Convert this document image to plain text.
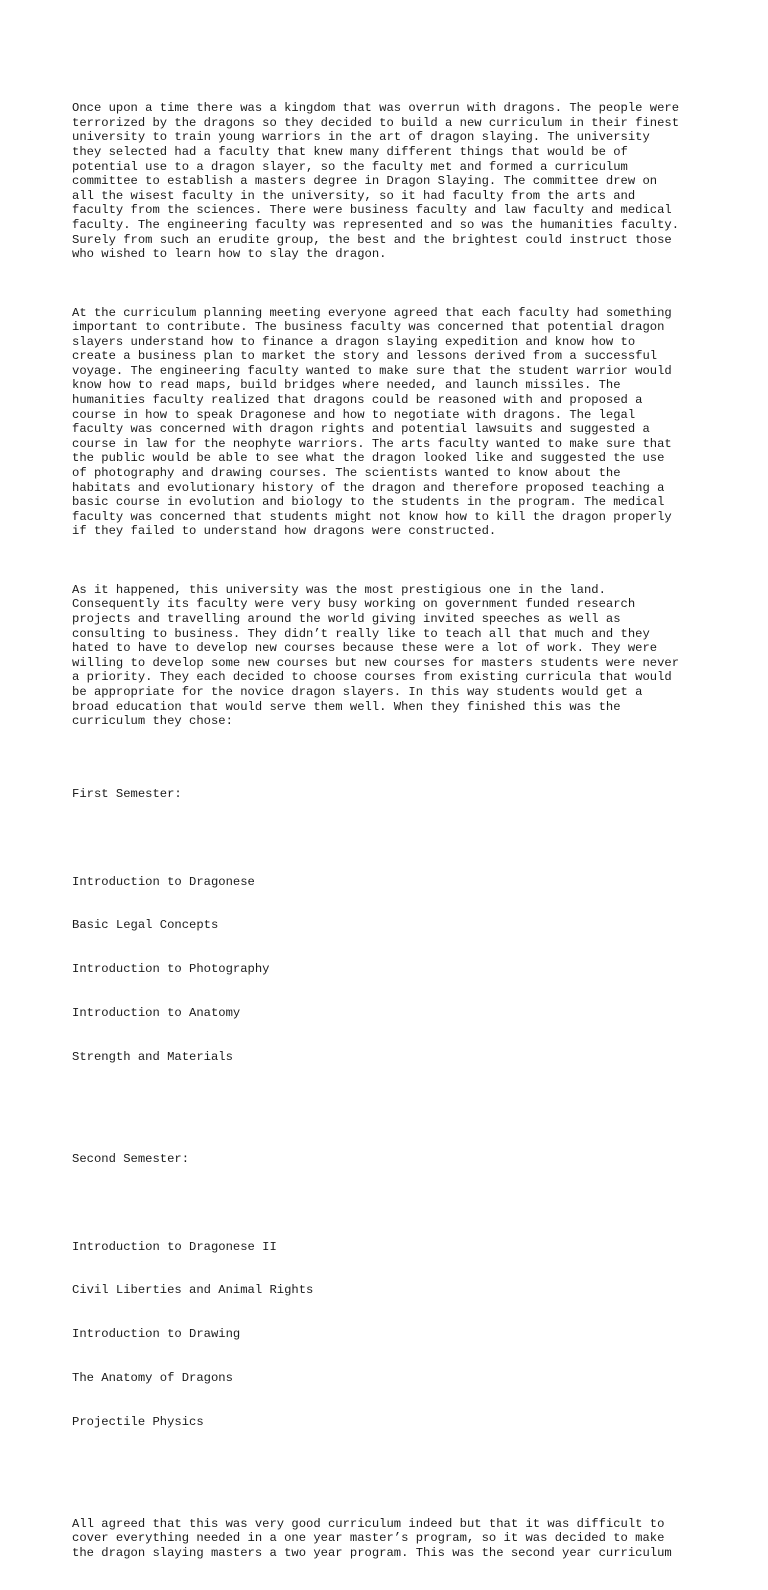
Once upon a time there was a kingdom that was overrun with dragons. The people were
terrorized by the dragons so they decided to build a new curriculum in their finest
university to train young warriors in the art of dragon slaying. The university
they selected had a faculty that knew many different things that would be of
potential use to a dragon slayer, so the faculty met and formed a curriculum
committee to establish a masters degree in Dragon Slaying. The committee drew on
all the wisest faculty in the university, so it had faculty from the arts and
faculty from the sciences. There were business faculty and law faculty and medical
faculty. The engineering faculty was represented and so was the humanities faculty.
Surely from such an erudite group, the best and the brightest could instruct those
who wished to learn how to slay the dragon.

At the curriculum planning meeting everyone agreed that each faculty had something
important to contribute. The business faculty was concerned that potential dragon
slayers understand how to finance a dragon slaying expedition and know how to
create a business plan to market the story and lessons derived from a successful
voyage. The engineering faculty wanted to make sure that the student warrior would
know how to read maps, build bridges where needed, and launch missiles. The
humanities faculty realized that dragons could be reasoned with and proposed a
course in how to speak Dragonese and how to negotiate with dragons. The legal
faculty was concerned with dragon rights and potential lawsuits and suggested a
course in law for the neophyte warriors. The arts faculty wanted to make sure that
the public would be able to see what the dragon looked like and suggested the use
of photography and drawing courses. The scientists wanted to know about the
habitats and evolutionary history of the dragon and therefore proposed teaching a
basic course in evolution and biology to the students in the program. The medical
faculty was concerned that students might not know how to kill the dragon properly
if they failed to understand how dragons were constructed.

As it happened, this university was the most prestigious one in the land.
Consequently its faculty were very busy working on government funded research
projects and travelling around the world giving invited speeches as well as
consulting to business. They didn’t really like to teach all that much and they
hated to have to develop new courses because these were a lot of work. They were
willing to develop some new courses but new courses for masters students were never
a priority. They each decided to choose courses from existing curricula that would
be appropriate for the novice dragon slayers. In this way students would get a
broad education that would serve them well. When they finished this was the
curriculum they chose:

First Semester:

Introduction to Dragonese

Basic Legal Concepts

Introduction to Photography

Introduction to Anatomy

Strength and Materials

Second Semester:

Introduction to Dragonese II

Civil Liberties and Animal Rights

Introduction to Drawing

The Anatomy of Dragons

Projectile Physics

All agreed that this was very good curriculum indeed but that it was difficult to
cover everything needed in a one year master’s program, so it was decided to make
the dragon slaying masters a two year program. This was the second year curriculum
